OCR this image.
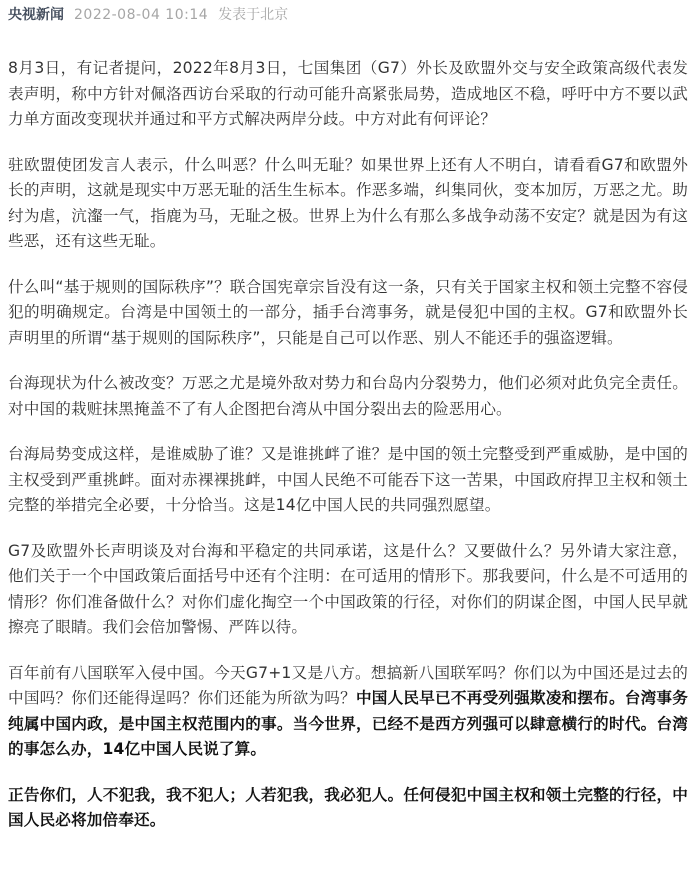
央视新闻 2022-08-04 10:14 发表于北京

8月3日，有记者提问，2022年8月3日，七国集团（G7）外长及欧盟外交与安全政策高级代表发表声明，称中方针对佩洛西访台采取的行动可能升高紧张局势，造成地区不稳，呼吁中方不要以武力单方面改变现状并通过和平方式解决两岸分歧。中方对此有何评论？

驻欧盟使团发言人表示，什么叫恶？什么叫无耻？如果世界上还有人不明白，请看看G7和欧盟外长的声明，这就是现实中万恶无耻的活生生标本。作恶多端，纠集同伙，变本加厉，万恶之尤。助纣为虐，沆瀣一气，指鹿为马，无耻之极。世界上为什么有那么多战争动荡不安定？就是因为有这些恶，还有这些无耻。

什么叫“基于规则的国际秩序”？联合国宪章宗旨没有这一条，只有关于国家主权和领土完整不容侵犯的明确规定。台湾是中国领土的一部分，插手台湾事务，就是侵犯中国的主权。G7和欧盟外长声明里的所谓“基于规则的国际秩序”，只能是自己可以作恶、别人不能还手的强盗逻辑。

台海现状为什么被改变？万恶之尤是境外敌对势力和台岛内分裂势力，他们必须对此负完全责任。对中国的栽赃抹黑掩盖不了有人企图把台湾从中国分裂出去的险恶用心。

台海局势变成这样，是谁威胁了谁？又是谁挑衅了谁？是中国的领土完整受到严重威胁，是中国的主权受到严重挑衅。面对赤裸裸挑衅，中国人民绝不可能吞下这一苦果，中国政府捍卫主权和领土完整的举措完全必要，十分恰当。这是14亿中国人民的共同强烈愿望。

G7及欧盟外长声明谈及对台海和平稳定的共同承诺，这是什么？又要做什么？另外请大家注意，他们关于一个中国政策后面括号中还有个注明：在可适用的情形下。那我要问，什么是不可适用的情形？你们准备做什么？对你们虚化掏空一个中国政策的行径，对你们的阴谋企图，中国人民早就擦亮了眼睛。我们会倍加警惕、严阵以待。

百年前有八国联军入侵中国。今天G7+1又是八方。想搞新八国联军吗？你们以为中国还是过去的中国吗？你们还能得逞吗？你们还能为所欲为吗？中国人民早已不再受列强欺凌和摆布。台湾事务纯属中国内政，是中国主权范围内的事。当今世界，已经不是西方列强可以肆意横行的时代。台湾的事怎么办，14亿中国人民说了算。

正告你们，人不犯我，我不犯人；人若犯我，我必犯人。任何侵犯中国主权和领土完整的行径，中国人民必将加倍奉还。
